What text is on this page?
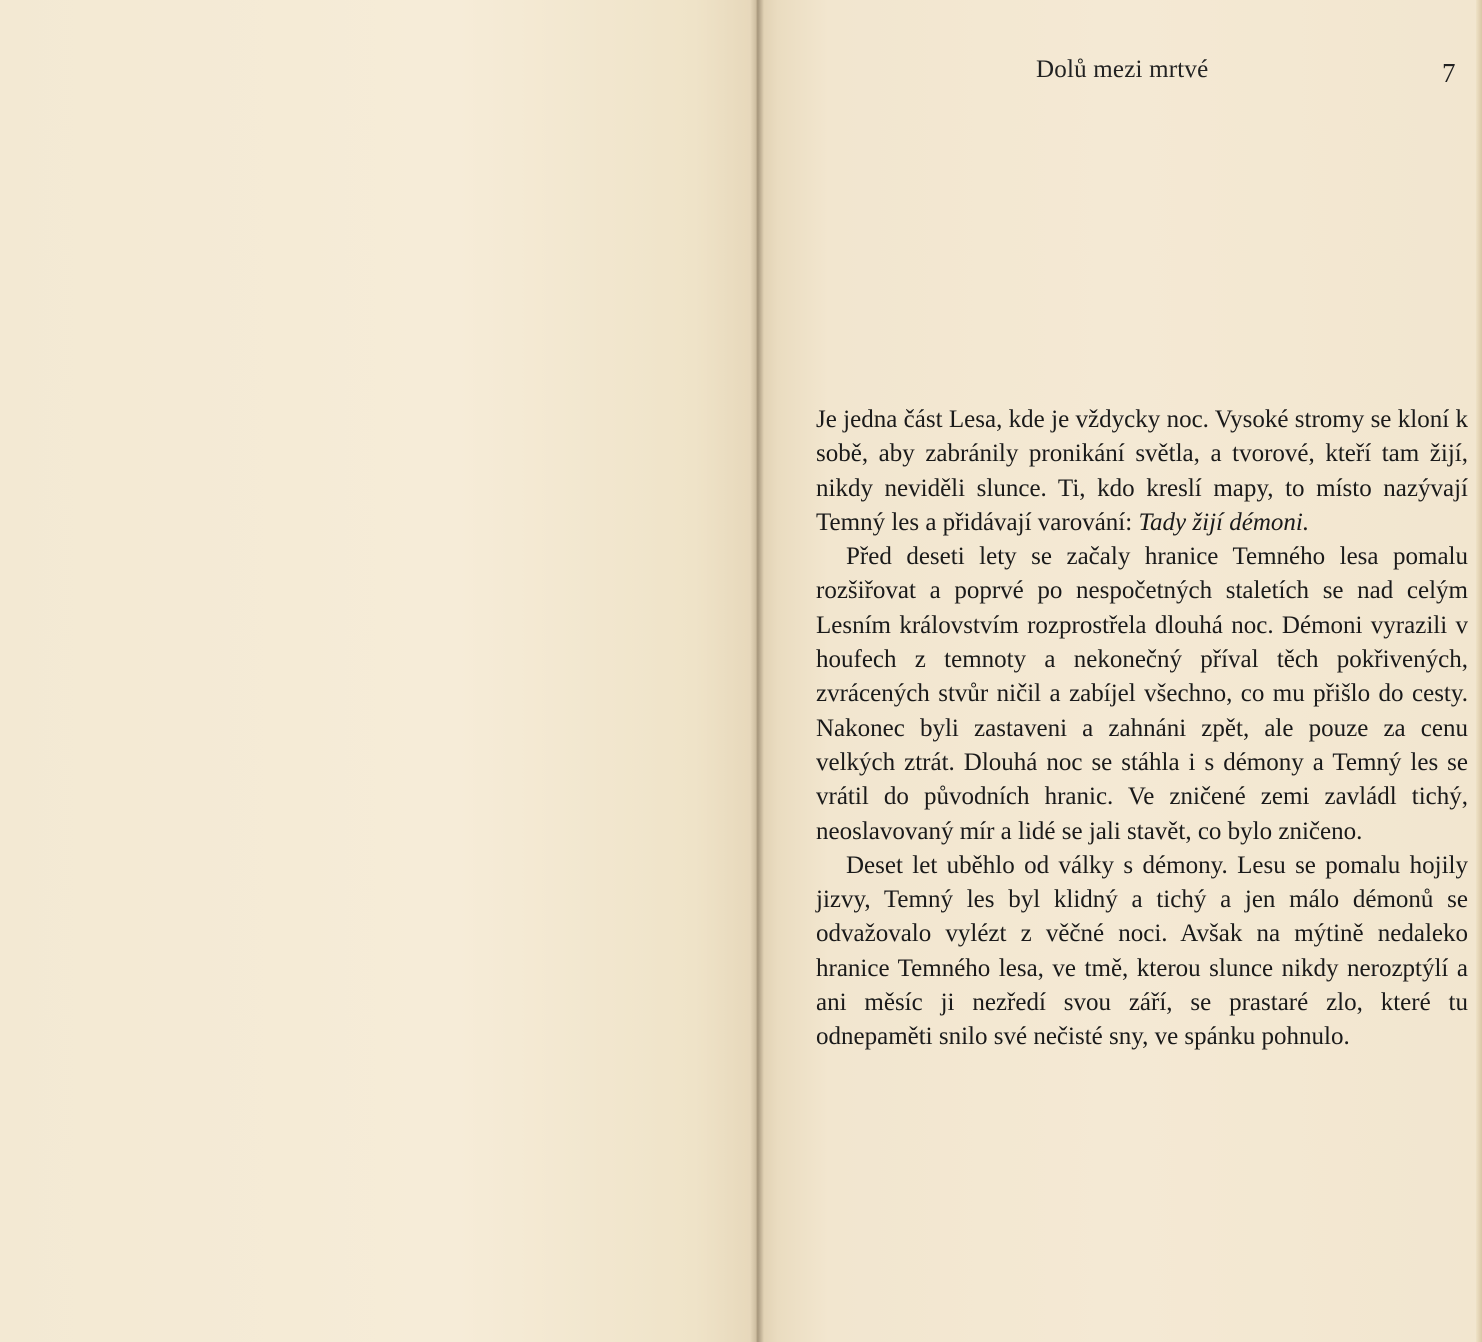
Dolů mezi mrtvé	7

Je jedna část Lesa, kde je vždycky noc. Vysoké stromy se kloní k sobě, aby zabránily pronikání světla, a tvorové, kteří tam žijí, nikdy neviděli slunce. Ti, kdo kreslí mapy, to místo nazývají Temný les a přidávají varování: Tady žijí démoni.

Před deseti lety se začaly hranice Temného lesa pomalu rozšiřovat a poprvé po nespočetných staletích se nad celým Lesním královstvím rozprostřela dlouhá noc. Démoni vyrazili v houfech z temnoty a nekonečný příval těch pokřivených, zvrácených stvůr ničil a zabíjel všechno, co mu přišlo do cesty. Nakonec byli zastaveni a zahnáni zpět, ale pouze za cenu velkých ztrát. Dlouhá noc se stáhla i s démony a Temný les se vrátil do původních hranic. Ve zničené zemi zavládl tichý, neoslavovaný mír a lidé se jali stavět, co bylo zničeno.

Deset let uběhlo od války s démony. Lesu se pomalu hojily jizvy, Temný les byl klidný a tichý a jen málo démonů se odvažovalo vylézt z věčné noci. Avšak na mýtině nedaleko hranice Temného lesa, ve tmě, kterou slunce nikdy nerozptýlí a ani měsíc ji nezředí svou září, se prastaré zlo, které tu odnepaměti snilo své nečisté sny, ve spánku pohnulo.
